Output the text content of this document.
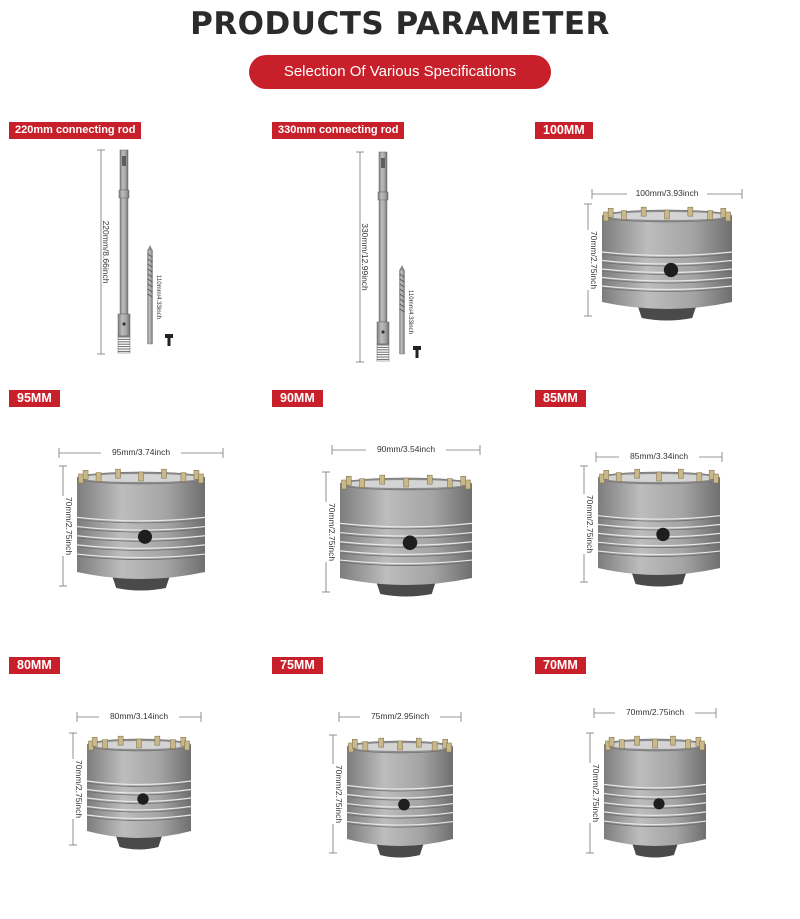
PRODUCTS PARAMETER
Selection Of Various Specifications
220mm connecting rod
220mm/8.66inch
110mm/4.33inch
330mm connecting rod
330mm/12.99inch
110mm/4.33inch
100MM
100mm/3.93inch
70mm/2.75inch
95MM
95mm/3.74inch
70mm/2.75inch
90MM
90mm/3.54inch
70mm/2.75inch
85MM
85mm/3.34inch
70mm/2.75inch
80MM
80mm/3.14inch
70mm/2.75inch
75MM
75mm/2.95inch
70mm/2.75inch
70MM
70mm/2.75inch
70mm/2.75inch
